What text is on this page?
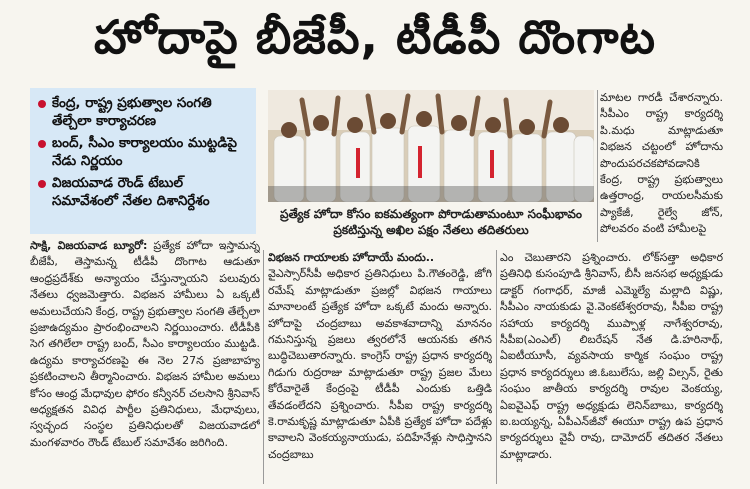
హోదాపై బీజేపీ, టీడీపీ దొంగాట
కేంద్ర, రాష్ట్ర ప్రభుత్వాల సంగతి తేల్చేలా కార్యాచరణ
బంద్, సీఎం కార్యాలయం ముట్టడిపై నేడు నిర్ణయం
విజయవాడ రౌండ్ టేబుల్ సమావేశంలో నేతల దిశానిర్దేశం
ప్రత్యేక హోదా కోసం ఐకమత్యంగా పోరాడుతామంటూ సంఘీభావం ప్రకటిస్తున్న అఖిల పక్షం నేతలు తదితరులు

మాటల గారడీ చేశారన్నారు. సీపీఎం రాష్ట్ర కార్యదర్శి పి.మధు మాట్లాడుతూ విభజన చట్టంలో హోదాను పొందుపరచకపోవడానికి కేంద్ర, రాష్ట్ర ప్రభుత్వాలు ఉత్తరాంధ్ర, రాయలసీమకు ప్యాకేజీ, రైల్వే జోన్, పోలవరం వంటి హామీలపై

సాక్షి, విజయవాడ బ్యూరో: ప్రత్యేక హోదా ఇస్తామన్న బీజేపీ, తెస్తామన్న టీడీపీ దొంగాట ఆడుతూ ఆంధ్రప్రదేశ్‌కు అన్యాయం చేస్తున్నాయని పలువురు నేతలు ధ్వజమెత్తారు. విభజన హామీలు ఏ ఒక్కటీ అమలుచేయని కేంద్ర, రాష్ట్ర ప్రభుత్వాల సంగతి తేల్చేలా ప్రజాఉద్యమం ప్రారంభించాలని నిర్ణయించారు. టీడీపీకి సెగ తగిలేలా రాష్ట్ర బంద్, సీఎం కార్యాలయం ముట్టడి. ఉద్యమ కార్యాచరణపై ఈ నెల 27న ప్రజాబాహ్య ప్రకటించాలని తీర్మానించారు. విభజన హామీల అమలు కోసం ఆంధ్ర మేధావుల ఫోరం కన్వీనర్ చలసాని శ్రీనివాస్ అధ్యక్షతన వివిధ పార్టీల ప్రతినిధులు, మేధావులు, స్వచ్ఛంద సంస్థల ప్రతినిధులతో విజయవాడలో మంగళవారం రౌండ్ టేబుల్ సమావేశం జరిగింది.

విభజన గాయాలకు హోదాయే మందు..

వైఎస్సార్‌సీపీ అధికార ప్రతినిధులు పి.గౌతంరెడ్డి, జోగి రమేష్ మాట్లాడుతూ ప్రజల్లో విభజన గాయాలు మానాలంటే ప్రత్యేక హోదా ఒక్కటే మందు అన్నారు. హోదాపై చంద్రబాబు అవకాశవాదాన్ని మాననం గమనిస్తున్న ప్రజలు త్వరలోనే ఆయనకు తగిన బుద్ధిచెబుతారన్నారు. కాంగ్రెస్ రాష్ట్ర ప్రధాన కార్యదర్శి గిడుగు రుద్రరాజు మాట్లాడుతూ రాష్ట్ర ప్రజల మేలు కోరేవారైతే కేంద్రంపై టీడీపీ ఎందుకు ఒత్తిడి తేవడంలేదని ప్రశ్నించారు. సీపీఐ రాష్ట్ర కార్యదర్శి కె.రామకృష్ణ మాట్లాడుతూ ఏపీకి ప్రత్యేక హోదా పదేళ్లు కావాలని వెంకయ్యనాయుడు, పదిహేనేళ్లు సాధిస్తానని చంద్రబాబు

ఎం చెబుతారని ప్రశ్నించారు. లోక్‌సత్తా అధికార ప్రతినిధి కుసంపూడి శ్రీనివాస్, బీసీ జనసభ అధ్యక్షుడు డాక్టర్ గంగాధర్, మాజీ ఎమ్మెల్యే మల్లాది విష్ణు, సీపీఎం నాయకుడు వై.వెంకటేశ్వరరావు, సీపీఐ రాష్ట్ర సహాయ కార్యదర్శి ముప్పాళ్ల నాగేశ్వరరావు, సీపీఐ(ఎంఎల్) లిబరేషన్ నేత డి.హరినాథ్, ఏఐటీయూసీ, వ్యవసాయ కార్మిక సంఘం రాష్ట్ర ప్రధాన కార్యదర్శులు జి.ఓబులేసు, జల్లి విల్సన్, రైతు సంఘం జాతీయ కార్యదర్శి రావుల వెంకయ్య, ఏఐవైఎఫ్ రాష్ట్ర అధ్యక్షుడు లెనిన్‌బాబు, కార్యదర్శి ఐ.బయ్యన్న, ఏపీఎన్‌జీవో ఈయూ రాష్ట్ర ఉప ప్రధాన కార్యదర్శులు వైవీ రావు, దామోదర్ తదితర నేతలు మాట్లాడారు.
